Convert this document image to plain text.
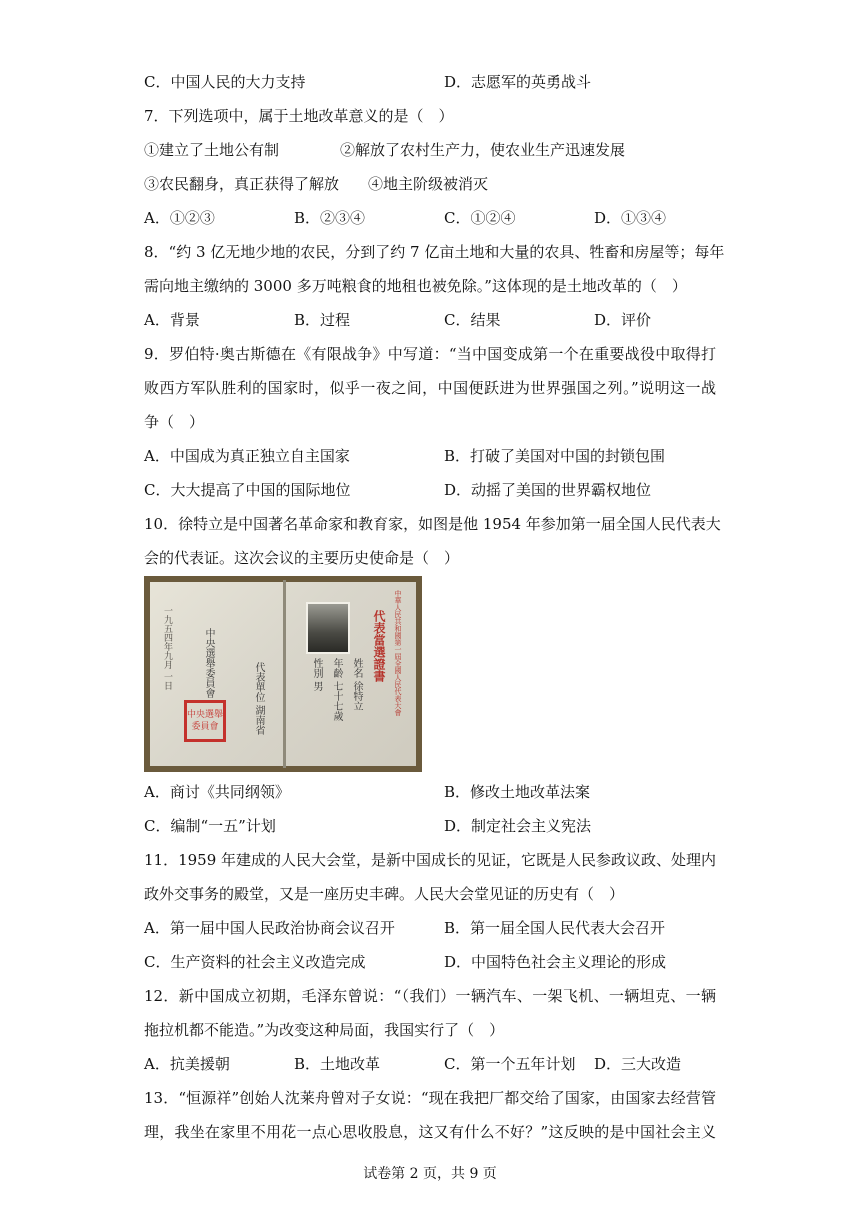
C．中国人民的大力支持	D．志愿军的英勇战斗
7．下列选项中，属于土地改革意义的是（　）
①建立了土地公有制	②解放了农村生产力，使农业生产迅速发展
③农民翻身，真正获得了解放 ④地主阶级被消灭
A．①②③	B．②③④	C．①②④	D．①③④
8．“约 3 亿无地少地的农民，分到了约 7 亿亩土地和大量的农具、牲畜和房屋等；每年
需向地主缴纳的 3000 多万吨粮食的地租也被免除。”这体现的是土地改革的（　）
A．背景	B．过程	C．结果	D．评价
9．罗伯特·奥古斯德在《有限战争》中写道：“当中国变成第一个在重要战役中取得打
败西方军队胜利的国家时，似乎一夜之间，中国便跃进为世界强国之列。”说明这一战
争（　）
A．中国成为真正独立自主国家	B．打破了美国对中国的封锁包围
C．大大提高了中国的国际地位	D．动摇了美国的世界霸权地位
10．徐特立是中国著名革命家和教育家，如图是他 1954 年参加第一届全国人民代表大
会的代表证。这次会议的主要历史使命是（　）
一九五四年九月 一日	中央選舉委員會	代表單位 湖南省
中央選舉
委員會
中華人民共和國第一屆全國人民代表大會
代表當選證書
姓名 徐特立
年齡 七十七歲
性別 男
A．商讨《共同纲领》	B．修改土地改革法案
C．编制“一五”计划	D．制定社会主义宪法
11．1959 年建成的人民大会堂，是新中国成长的见证，它既是人民参政议政、处理内
政外交事务的殿堂，又是一座历史丰碑。人民大会堂见证的历史有（　）
A．第一届中国人民政治协商会议召开	B．第一届全国人民代表大会召开
C．生产资料的社会主义改造完成	D．中国特色社会主义理论的形成
12．新中国成立初期，毛泽东曾说：“（我们）一辆汽车、一架飞机、一辆坦克、一辆
拖拉机都不能造。”为改变这种局面，我国实行了（　）
A．抗美援朝	B．土地改革	C．第一个五年计划 D．三大改造
13．“恒源祥”创始人沈莱舟曾对子女说：“现在我把厂都交给了国家，由国家去经营管
理，我坐在家里不用花一点心思收股息，这又有什么不好？”这反映的是中国社会主义
试卷第 2 页，共 9 页
